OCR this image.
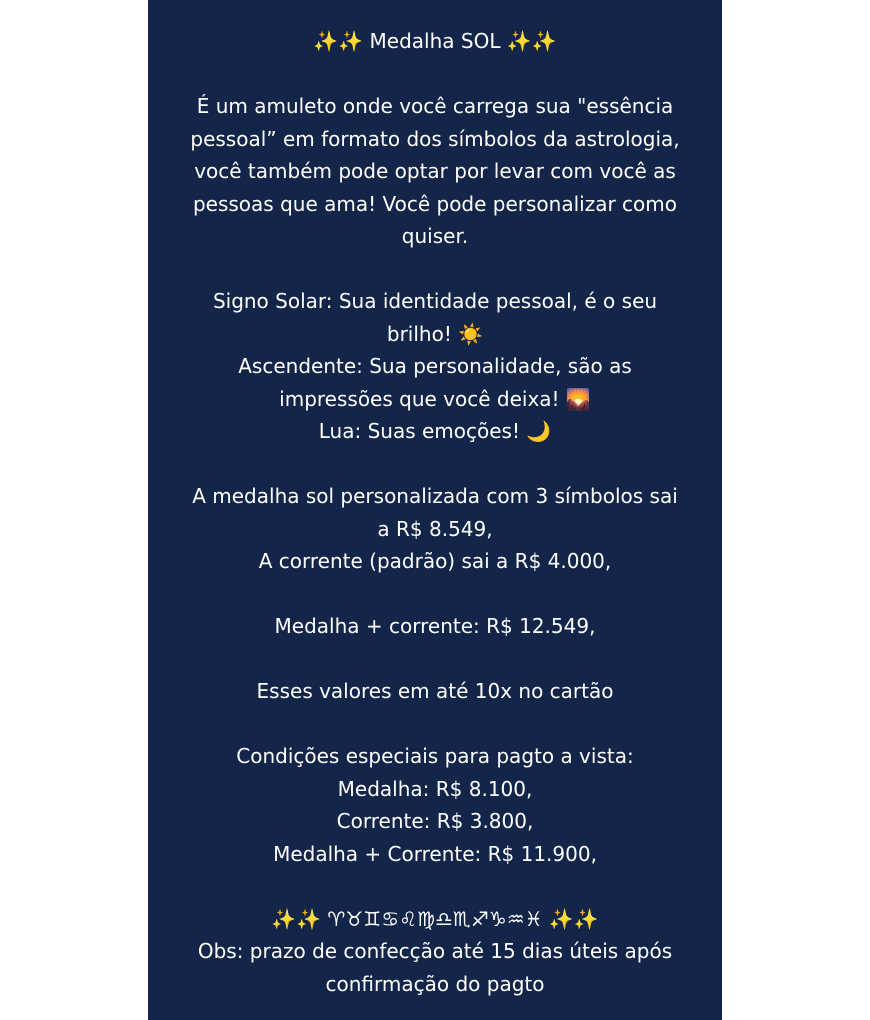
✨✨ Medalha SOL ✨✨
É um amuleto onde você carrega sua "essência
pessoal” em formato dos símbolos da astrologia,
você também pode optar por levar com você as
pessoas que ama! Você pode personalizar como
quiser.
Signo Solar: Sua identidade pessoal, é o seu
brilho! ☀️
Ascendente: Sua personalidade, são as
impressões que você deixa! 🌄
Lua: Suas emoções! 🌙
A medalha sol personalizada com 3 símbolos sai
a R$ 8.549,
A corrente (padrão) sai a R$ 4.000,
Medalha + corrente: R$ 12.549,
Esses valores em até 10x no cartão
Condições especiais para pagto a vista:
Medalha: R$ 8.100,
Corrente: R$ 3.800,
Medalha + Corrente: R$ 11.900,
✨✨ ♈♉♊♋♌♍♎♏♐♑♒♓ ✨✨
Obs: prazo de confecção até 15 dias úteis após
confirmação do pagto
